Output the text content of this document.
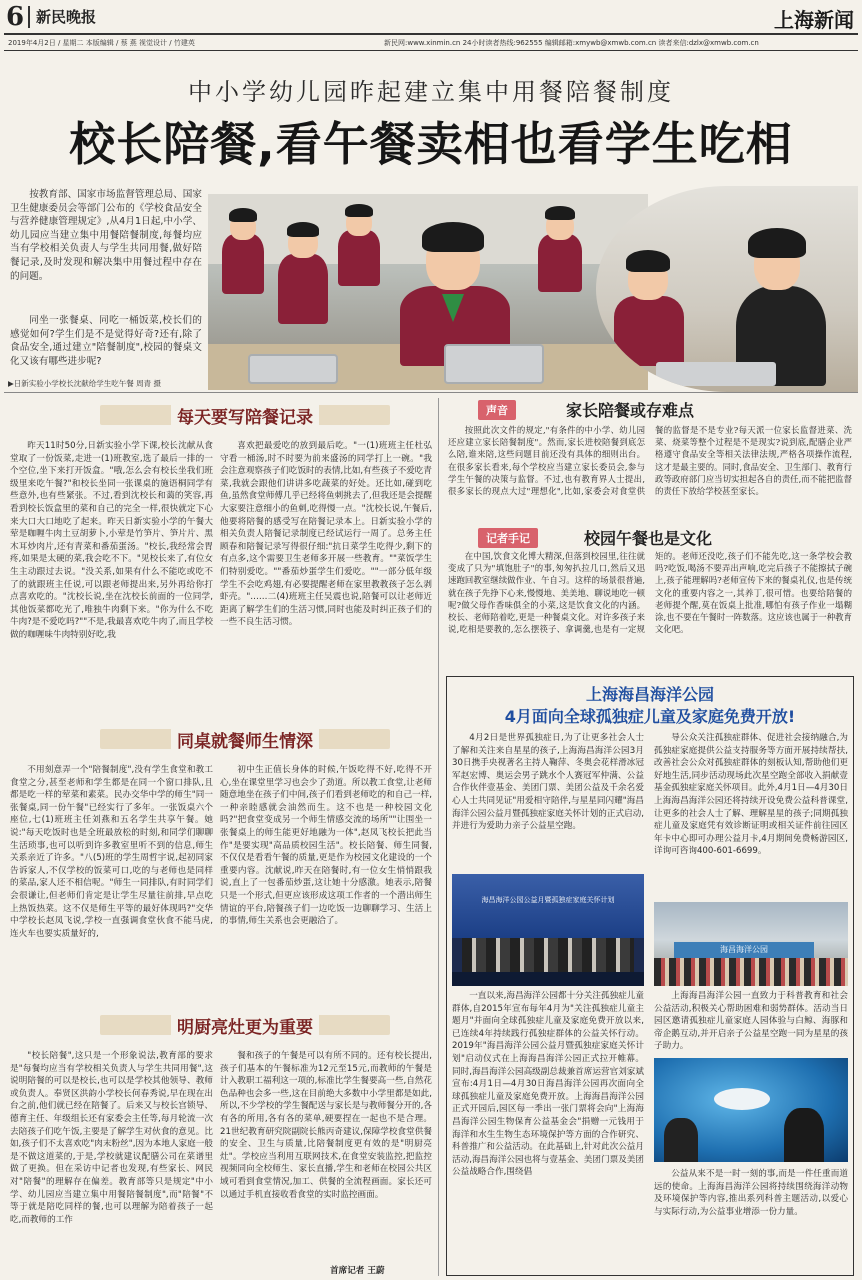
6 新民晚报	上海新闻
2019年4月2日 / 星期二 本版编辑 / 蔡 燕 视觉设计 / 竹建英	新民网:www.xinmin.cn 24小时读者热线:962555 编辑邮箱:xmywb@xmwb.com.cn 读者来信:dzlx@xmwb.com.cn
中小学幼儿园昨起建立集中用餐陪餐制度
校长陪餐,看午餐卖相也看学生吃相
按教育部、国家市场监督管理总局、国家卫生健康委员会等部门公布的《学校食品安全与营养健康管理规定》,从4月1日起,中小学、幼儿园应当建立集中用餐陪餐制度,每餐均应当有学校相关负责人与学生共同用餐,做好陪餐记录,及时发现和解决集中用餐过程中存在的问题。
同坐一张餐桌、同吃一桶饭菜,校长们的感觉如何?学生们是不是觉得好奇?还有,除了食品安全,通过建立"陪餐制度",校园的餐桌文化又该有哪些进步呢?
▶日新实验小学校长沈献给学生吃午餐 周青 摄
每天要写陪餐记录
昨天11时50分,日新实验小学下课,校长沈献从食堂取了一份饭菜,走进一(1)班教室,选了最后一排的一个空位,坐下来打开饭盒。"哦,怎么会有校长坐我们班级里来吃午餐?"和校长坐同一张课桌的施语桐同学有些意外,也有些紧张。不过,看到沈校长和蔼的笑容,再看到校长饭盒里的菜和自己的完全一样,很快就定下心来大口大口地吃了起来。昨天日新实验小学的午餐大荤是咖喱牛肉土豆胡萝卜,小荤是竹笋片、笋片片、黑木耳炒肉片,还有青菜和番茄蛋汤。"校长,我经常会胃疼,如果是太硬的菜,我会吃不下。"见校长来了,有位女生主动跟过去说。"没关系,如果有什么不能吃或吃不了的就跟班主任说,可以跟老师提出来,另外再给你打点喜欢吃的。"沈校长说,坐在沈校长前面的一位同学,其他饭菜都吃光了,唯独牛肉剩下来。"你为什么不吃牛肉?是不爱吃吗?""不是,我最喜欢吃牛肉了,而且学校做的咖喱味牛肉特别好吃,我
喜欢把最爱吃的放到最后吃。"一(1)班班主任杜弘守看一桶汤,时不时要为前来盛汤的同学打上一碗。"我会注意观察孩子们吃饭时的表情,比如,有些孩子不爱吃青菜,我就会跟他们讲讲多吃蔬菜的好处。还比如,碰到吃鱼,虽然食堂师傅几乎已经将鱼刺挑去了,但我还是会提醒大家要注意细小的鱼刺,吃得慢一点。"沈校长说,午餐后,他要将陪餐的感受写在陪餐记录本上。日新实验小学的相关负责人陪餐记录制度已经试运行一周了。总务主任顾春和陪餐记录写得很仔细:"抗日菜学生吃得少,剩下的有点多,这个需要卫生老师多开展一些教育。""菜饭学生们特别爱吃。""番茄炒蛋学生们爱吃。""一部分低年级学生不会吃鸡翅,有必要提醒老师在家里教教孩子怎么剥虾壳。"……二(4)班班主任吴震也说,陪餐可以让老师近距离了解学生们的生活习惯,同时也能及时纠正孩子们的一些不良生活习惯。
同桌就餐师生情深
不用刻意弄一个"陪餐制度",没有学生食堂和教工食堂之分,甚至老师和学生都是在同一个窗口排队,且都是吃一样的荤菜和素菜。民办交华中学的师生"同一张餐桌,同一份午餐"已经实行了多年。一张饭桌六个座位,七(1)班班主任刘燕和五名学生共享午餐。她说:"每天吃饭时也是全班最放松的时刻,和同学们聊聊生活琐事,也可以听到许多教室里听不到的信息,师生关系亲近了许多。"八(5)班的学生周哲宇说,起初同家告诉家人,不仅学校的饭菜可口,吃的与老师也是同样的菜品,家人还不相信呢。"师生一同排队,有时同学们会很谦让,但老师们肯定是让学生尽量往前排,早点吃上热饭热菜。这不仅是师生平等的最好体现吗?"交华中学校长赵凤飞说,学校一直强调食堂伙食不能马虎,连火车也要实质量好的,
初中生正值长身体的时候,午饭吃得不好,吃得不开心,坐在课堂里学习也会少了劲道。所以教工食堂,让老师随意地坐在孩子们中间,孩子们看到老师吃的和自己一样,一种亲睦感就会油然而生。这不也是一种校园文化吗?"把食堂变成另一个师生情感交流的场所""让围坐一张餐桌上的师生能更好地融为一体",赵凤飞校长把此当作"是要实现"高品质校园生活"。校长陪餐、师生同餐,不仅仅是看看午餐的质量,更是作为校园文化建设的一个重要内容。沈献说,昨天在陪餐时,有一位女生悄悄跟我说,直上了一包番茄炒蛋,这让她十分感激。她表示,陪餐只是一个形式,但更应该形成这项工作者的一个潜出师生情谊的平台,陪餐孩子们一边吃饭一边聊聊学习、生活上的事情,师生关系也会更融洽了。
明厨亮灶更为重要
"校长陪餐",这只是一个形象说法,教育部的要求是"每餐均应当有学校相关负责人与学生共同用餐",这说明陪餐的可以是校长,也可以是学校其他领导、教师或负责人。奉贤区洪韵小学校长何春秀说,早在现在出台之前,他们就已经在陪餐了。后来又与校长宫锁导、德育主任、年级组长还有家委会主任等,每月轮流一次去陪孩子们吃午饭,主要是了解学生对伙食的意见。比如,孩子们不太喜欢吃"肉末粉丝",因为本地人家庭一般是不做这道菜的,于是,学校就建议配膳公司在菜谱里做了更换。但在采访中记者也发现,有些家长、网民对"陪餐"的理解存在偏差。教育部等只是规定"中小学、幼儿园应当建立集中用餐陪餐制度",而"陪餐"不等于就是陪吃同样的餐,也可以理解为陪着孩子一起吃,而教师的工作
餐和孩子的午餐是可以有所不同的。还有校长提出,孩子们基本的午餐标准为12元至15元,而教师的午餐是计入教职工福利这一项的,标准比学生餐要高一些,自然花色品种也会多一些,这在目前绝大多数中小学里都是如此,所以,不少学校的学生餐配送与家长是与教师餐分开的,各有各的所用,各有各的菜单,硬要捏在一起也不是合理。21世纪教育研究院副院长熊丙奇建议,保障学校食堂供餐的安全、卫生与质量,比陪餐制度更有效的是"明厨亮灶"。学校应当利用互联网技术,在食堂安装监控,把监控视频同向全校师生、家长直播,学生和老师在校园公共区域可看到食堂情况,加工、供餐的全流程画面。家长还可以通过手机直接收看食堂的实时监控画面。
首席记者 王蔚
声音	家长陪餐或存难点
按照此次文件的规定,"有条件的中小学、幼儿园还应建立家长陪餐制度"。然而,家长进校陪餐到底怎么陪,谁来陪,这些问题目前还没有具体的细则出台。在很多家长看来,每个学校应当建立家长委员会,参与学生午餐的决策与监督。不过,也有教育界人士提出,很多家长的现点大过"理想化",比如,家委会对食堂供餐的监督是不是专业?每天派一位家长监督进菜、洗菜、烧菜等整个过程是不是现实?说到底,配膳企业严格遵守食品安全等相关法律法规,严格各项操作流程,这才是最主要的。同时,食品安全、卫生部门、教育行政等政府部门应当切实担起各自的责任,而不能把监督的责任下放给学校甚至家长。
记者手记	校园午餐也是文化
在中国,饮食文化博大精深,但落到校园里,往往就变成了只为"填饱肚子"的事,匆匆扒拉几口,然后又迅速跑回教室继续做作业、午自习。这样的场景很普遍,就在孩子先挣下心来,慢慢地、美美地、聊说地吃一顿呢?做父母作香味俱全的小菜,这是饮食文化的内涵。校长、老师陪着吃,更是一种餐桌文化。对许多孩子来说,吃相是要教的,怎么摆筷子、拿调羹,也是有一定规矩的。老师还没吃,孩子们不能先吃,这一条学校会教吗?吃饭,喝汤不要弄出声响,吃完后孩子不能擦拭子碗上,孩子能理解吗?老师宣传下来的餐桌礼仪,也是传统文化的重要内容之一,其养丁,很可惜。也要给陪餐的老师提个醒,莫在饭桌上批准,哪怕有孩子作业一塌糊涂,也不要在午餐时一阵数落。这应该也属于一种教育文化吧。
上海海昌海洋公园
4月面向全球孤独症儿童及家庭免费开放!
4月2日是世界孤独症日,为了让更多社会人士了解和关注来自星星的孩子,上海海昌海洋公园3月30日携手央视著名主持人鞠萍、冬奥会花样滑冰冠军赵宏博、奥运会男子跳水个人赛冠军仲满、公益合作伙伴壹基金、美团门票、美团公益及千余名爱心人士共同见证"用爱相守陪伴,与星星同闪耀"海昌海洋公园公益月暨孤独症家庭关怀计划的正式启动,并进行为爱助力亲子公益星空跑。
导公众关注孤独症群体、促进社会接纳融合,为孤独症家庭提供公益支持服务等方面开展持续帮扶,改善社会公众对孤独症群体的刻板认知,帮助他们更好地生活,同步活动现场此次星空跑全部收入捐献壹基金孤独症家庭关怀项目。此外,4月1日—4月30日上海海昌海洋公园还将持续开设免费公益科普课堂,让更多的社会人士了解、理解星星的孩子;同期孤独症儿童及家庭凭有效诊断证明或相关证件前往园区年卡中心即可办理公益月卡,4月期间免费畅游园区,详询可咨询400-601-6699。
海昌海洋公园公益月暨孤独症家庭关怀计划
一直以来,海昌海洋公园都十分关注孤独症儿童群体,自2015年宣布每年4月为"关注孤独症儿童主题月"并面向全球孤独症儿童及家庭免费开放以来,已连续4年持续践行孤独症群体的公益关怀行动。2019年"海昌海洋公园公益月暨孤独症家庭关怀计划"启动仪式在上海海昌海洋公园正式拉开帷幕。同时,海昌海洋公园高级副总裁兼首席运营官刘家斌宣布:4月1日—4月30日海昌海洋公园再次面向全球孤独症儿童及家庭免费开放。上海海昌海洋公园正式开园后,园区每一季出一张门票将会向"上海海昌海洋公园生物保育公益基金会"捐赠一元钱用于海洋和水生生物生态环境保护等方面的合作研究、科普推广和公益活动。在此基础上,针对此次公益月活动,海昌海洋公园也将与壹基金、美团门票及美团公益战略合作,围绕倡
海昌海洋公园
上海海昌海洋公园一直致力于科普教育和社会公益活动,积极关心帮助困难和弱势群体。活动当日园区邀请孤独症儿童家庭人园体验与白鲸、海豚和帝企鹅互动,并开启亲子公益星空跑一同为星星的孩子助力。
公益从来不是一时一刻的事,而是一件任重而道远的使命。上海海昌海洋公园将持续围绕海洋动物及环境保护等内容,推出系列科普主题活动,以爱心与实际行动,为公益事业增添一份力量。
